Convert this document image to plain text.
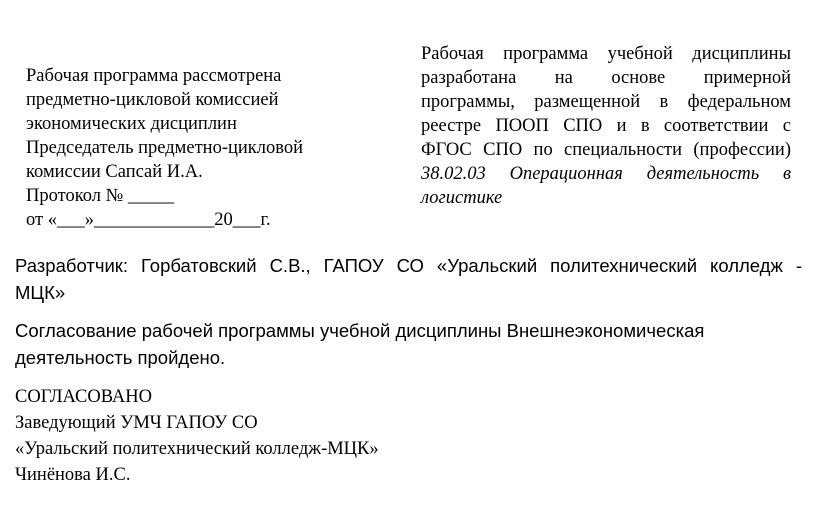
Рабочая программа рассмотрена
предметно-цикловой комиссией
экономических дисциплин
Председатель предметно-цикловой
комиссии Сапсай И.А.
Протокол № _____
от «___»_____________20___г.
Рабочая программа учебной дисциплины
разработана на основе примерной
программы, размещенной в федеральном
реестре ПООП СПО и в соответствии с
ФГОС СПО по специальности (профессии)
38.02.03 Операционная деятельность в
логистике
Разработчик: Горбатовский С.В., ГАПОУ СО «Уральский политехнический колледж -
МЦК»
Согласование рабочей программы учебной дисциплины Внешнеэкономическая
деятельность пройдено.
СОГЛАСОВАНО
Заведующий УМЧ ГАПОУ СО
«Уральский политехнический колледж-МЦК»
Чинёнова И.С.
